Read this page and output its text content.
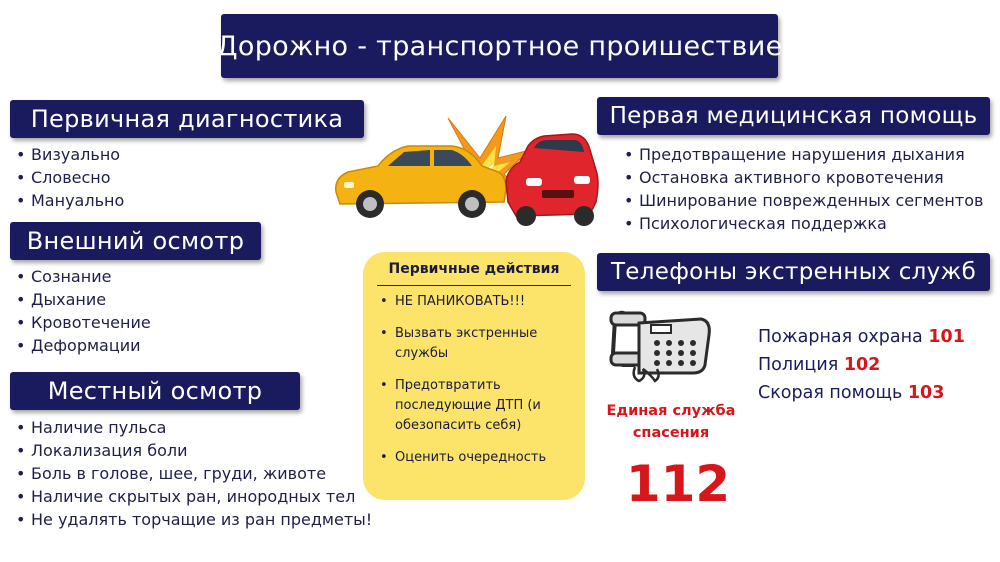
Дорожно - транспортное проишествие
Первичная диагностика
• Визуально
• Словесно
• Мануально
Внешний осмотр
• Сознание
• Дыхание
• Кровотечение
• Деформации
Местный осмотр
• Наличие пульса
• Локализация боли
• Боль в голове, шее, груди, животе
• Наличие скрытых ран, инородных тел
• Не удалять торчащие из ран предметы!
Первая медицинская помощь
• Предотвращение нарушения дыхания
• Остановка активного кровотечения
• Шинирование поврежденных сегментов
• Психологическая поддержка
Телефоны экстренных служб
Первичные действия
• НЕ ПАНИКОВАТЬ!!!
• Вызвать экстренные службы
• Предотвратить последующие ДТП (и обезопасить себя)
• Оценить очередность
Единая служба спасения
112
Пожарная охрана 101
Полиция 102
Скорая помощь 103
